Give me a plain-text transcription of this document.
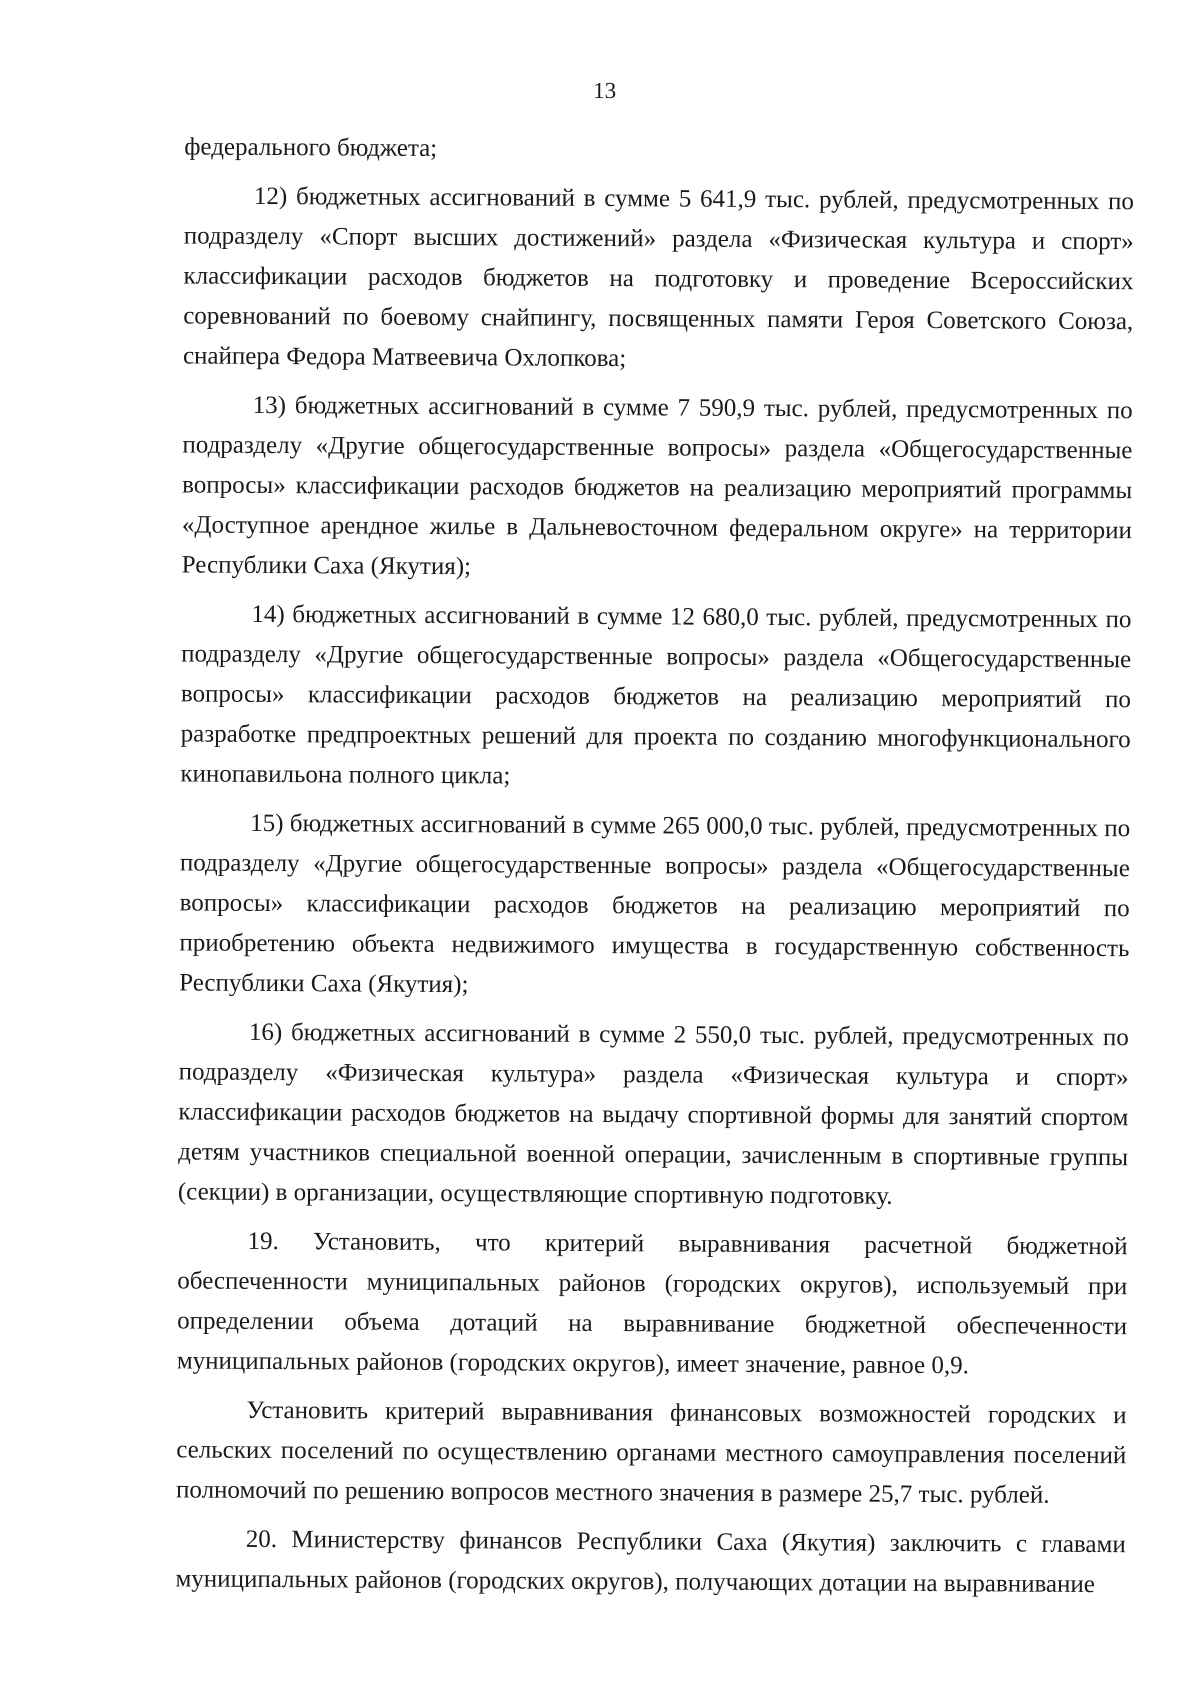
13

федерального бюджета;

12) бюджетных ассигнований в сумме 5 641,9 тыс. рублей, предусмотренных по подразделу «Спорт высших достижений» раздела «Физическая культура и спорт» классификации расходов бюджетов на подготовку и проведение Всероссийских соревнований по боевому снайпингу, посвященных памяти Героя Советского Союза, снайпера Федора Матвеевича Охлопкова;

13) бюджетных ассигнований в сумме 7 590,9 тыс. рублей, предусмотренных по подразделу «Другие общегосударственные вопросы» раздела «Общегосударственные вопросы» классификации расходов бюджетов на реализацию мероприятий программы «Доступное арендное жилье в Дальневосточном федеральном округе» на территории Республики Саха (Якутия);

14) бюджетных ассигнований в сумме 12 680,0 тыс. рублей, предусмотренных по подразделу «Другие общегосударственные вопросы» раздела «Общегосударственные вопросы» классификации расходов бюджетов на реализацию мероприятий по разработке предпроектных решений для проекта по созданию многофункционального кинопавильона полного цикла;

15) бюджетных ассигнований в сумме 265 000,0 тыс. рублей, предусмотренных по подразделу «Другие общегосударственные вопросы» раздела «Общегосударственные вопросы» классификации расходов бюджетов на реализацию мероприятий по приобретению объекта недвижимого имущества в государственную собственность Республики Саха (Якутия);

16) бюджетных ассигнований в сумме 2 550,0 тыс. рублей, предусмотренных по подразделу «Физическая культура» раздела «Физическая культура и спорт» классификации расходов бюджетов на выдачу спортивной формы для занятий спортом детям участников специальной военной операции, зачисленным в спортивные группы (секции) в организации, осуществляющие спортивную подготовку.

19. Установить, что критерий выравнивания расчетной бюджетной обеспеченности муниципальных районов (городских округов), используемый при определении объема дотаций на выравнивание бюджетной обеспеченности муниципальных районов (городских округов), имеет значение, равное 0,9.

Установить критерий выравнивания финансовых возможностей городских и сельских поселений по осуществлению органами местного самоуправления поселений полномочий по решению вопросов местного значения в размере 25,7 тыс. рублей.

20. Министерству финансов Республики Саха (Якутия) заключить с главами муниципальных районов (городских округов), получающих дотации на выравнивание
